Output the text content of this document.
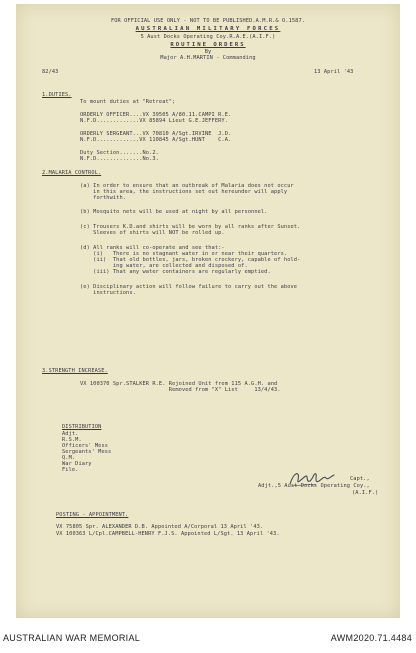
FOR OFFICIAL USE ONLY - NOT TO BE PUBLISHED.A.M.R.& O.1587.
AUSTRALIAN MILITARY FORCES
5 Aust Docks Operating Coy.R.A.E.(A.I.F.)
ROUTINE ORDERS
By
Major A.H.MARTIN - Commanding
82/43	13 April '43
1.DUTIES.
To mount duties at "Retreat";
ORDERLY OFFICER....VX 39505 A/80.11.CAMPI R.E.
N.F.D.............VX 85894 Lieut G.E.JEFFERY.
ORDERLY SERGEANT...VX 70810 A/Sgt.IRVINE  J.D.
N.F.D.............VX 110845 A/Sgt.HUNT    C.A.
Duty Section.......No.2.
N.F.D..............No.3.
2.MALARIA CONTROL.
(a) In order to ensure that an outbreak of Malaria does not occur
in this area, the instructions set out hereunder will apply
forthwith.
(b) Mosquito nets will be used at night by all personnel.
(c) Trousers K.D.and shirts will be worn by all ranks after Sunset.
Sleeves of shirts will NOT be rolled up.
(d) All ranks will co-operate and see that:-
(i)   There is no stagnant water in or near their quarters.
(ii)  That old bottles, jars, broken crockery, capable of hold-
ing water, are collected and disposed of.
(iii) That any water containers are regularly emptied.
(e) Disciplinary action will follow failure to carry out the above
instructions.
3.STRENGTH INCREASE.
VX 100370 Spr.STALKER R.E. Rejoined Unit from 115 A.G.H. and
Removed from "X" List     13/4/43.
DISTRIBUTION
Adjt.
R.S.M.
Officers' Mess
Sergeants' Mess
Q.M.
War Diary
File.
Capt.,
Adjt.,5 Aust Docks Operating Coy.,
(A.I.F.)
POSTING - APPOINTMENT.
VX 75805 Spr. ALEXANDER D.B. Appointed A/Corporal 13 April '43.
VX 100363 L/Cpl.CAMPBELL-HENRY F.J.S. Appointed L/Sgt. 13 April '43.
AUSTRALIAN WAR MEMORIAL	AWM2020.71.4484
